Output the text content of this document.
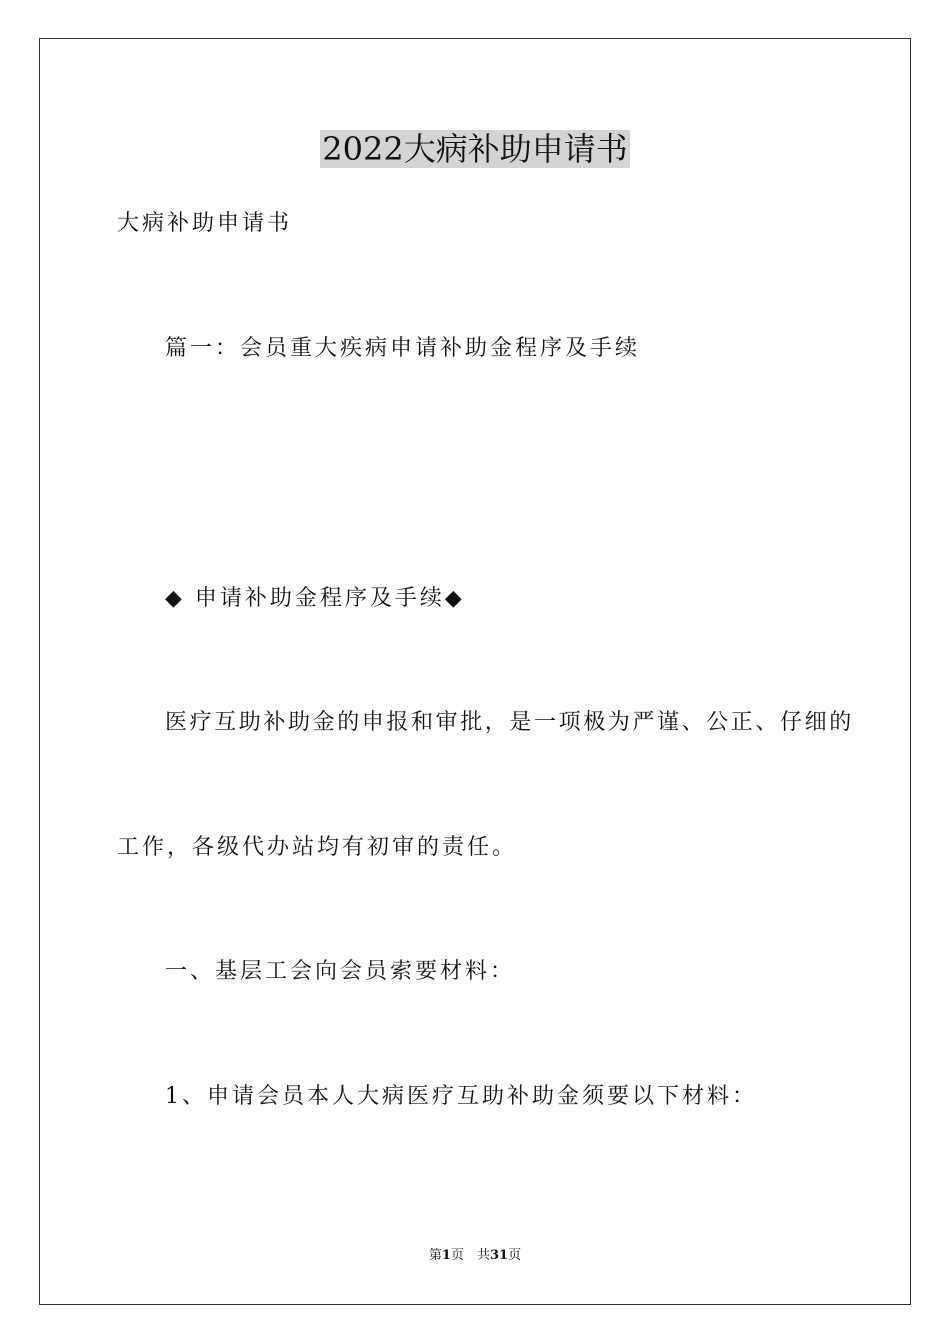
2022大病补助申请书
大病补助申请书
篇一：会员重大疾病申请补助金程序及手续
◆ 申请补助金程序及手续◆
医疗互助补助金的申报和审批，是一项极为严谨、公正、仔细的
工作，各级代办站均有初审的责任。
一、基层工会向会员索要材料：
1、申请会员本人大病医疗互助补助金须要以下材料：
第1页　共31页
